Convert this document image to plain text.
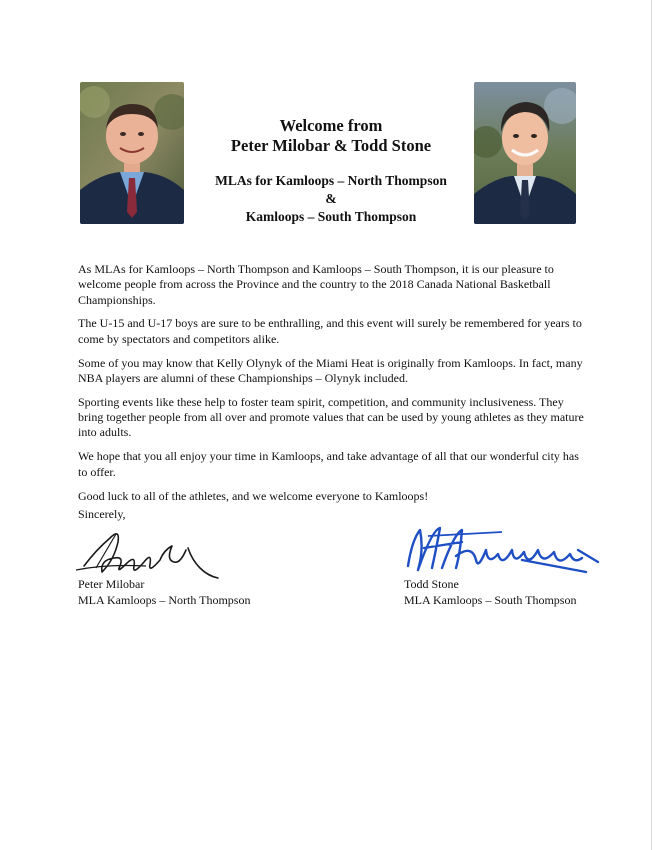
Welcome from
Peter Milobar & Todd Stone
MLAs for Kamloops – North Thompson
&
Kamloops – South Thompson

As MLAs for Kamloops – North Thompson and Kamloops – South Thompson, it is our pleasure to welcome people from across the Province and the country to the 2018 Canada National Basketball Championships.

The U-15 and U-17 boys are sure to be enthralling, and this event will surely be remembered for years to come by spectators and competitors alike.

Some of you may know that Kelly Olynyk of the Miami Heat is originally from Kamloops. In fact, many NBA players are alumni of these Championships – Olynyk included.

Sporting events like these help to foster team spirit, competition, and community inclusiveness. They bring together people from all over and promote values that can be used by young athletes as they mature into adults.

We hope that you all enjoy your time in Kamloops, and take advantage of all that our wonderful city has to offer.

Good luck to all of the athletes, and we welcome everyone to Kamloops!

Sincerely,
Peter Milobar
MLA Kamloops – North Thompson
Todd Stone
MLA Kamloops – South Thompson
